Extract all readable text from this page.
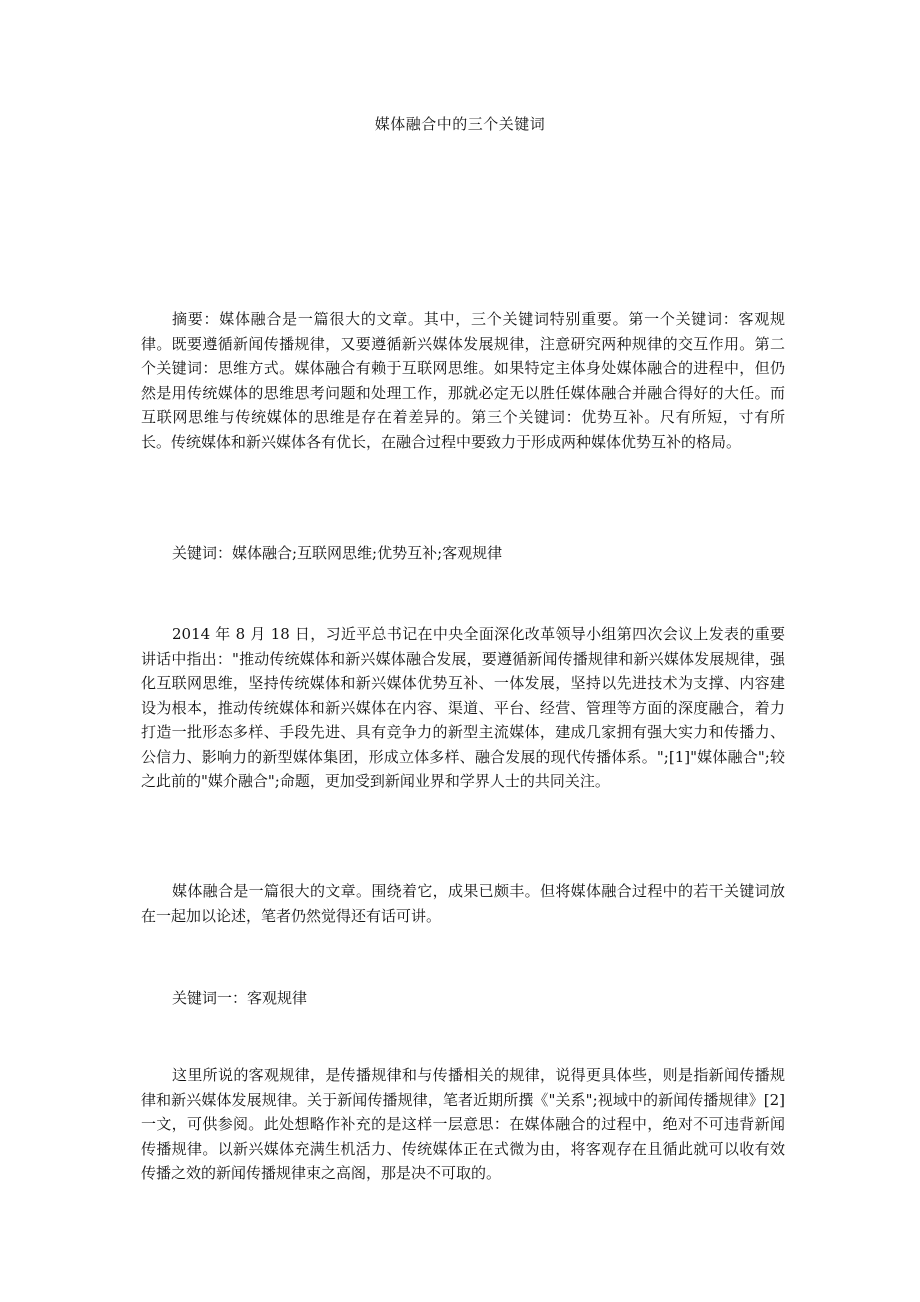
媒体融合中的三个关键词

摘要：媒体融合是一篇很大的文章。其中，三个关键词特别重要。第一个关键词：客观规律。既要遵循新闻传播规律，又要遵循新兴媒体发展规律，注意研究两种规律的交互作用。第二个关键词：思维方式。媒体融合有赖于互联网思维。如果特定主体身处媒体融合的进程中，但仍然是用传统媒体的思维思考问题和处理工作，那就必定无以胜任媒体融合并融合得好的大任。而互联网思维与传统媒体的思维是存在着差异的。第三个关键词：优势互补。尺有所短，寸有所长。传统媒体和新兴媒体各有优长，在融合过程中要致力于形成两种媒体优势互补的格局。

关键词：媒体融合;互联网思维;优势互补;客观规律

2014 年 8 月 18 日，习近平总书记在中央全面深化改革领导小组第四次会议上发表的重要讲话中指出："推动传统媒体和新兴媒体融合发展，要遵循新闻传播规律和新兴媒体发展规律，强化互联网思维，坚持传统媒体和新兴媒体优势互补、一体发展，坚持以先进技术为支撑、内容建设为根本，推动传统媒体和新兴媒体在内容、渠道、平台、经营、管理等方面的深度融合，着力打造一批形态多样、手段先进、具有竞争力的新型主流媒体，建成几家拥有强大实力和传播力、公信力、影响力的新型媒体集团，形成立体多样、融合发展的现代传播体系。";[1]"媒体融合";较之此前的"媒介融合";命题，更加受到新闻业界和学界人士的共同关注。

媒体融合是一篇很大的文章。围绕着它，成果已颇丰。但将媒体融合过程中的若干关键词放在一起加以论述，笔者仍然觉得还有话可讲。

关键词一：客观规律

这里所说的客观规律，是传播规律和与传播相关的规律，说得更具体些，则是指新闻传播规律和新兴媒体发展规律。关于新闻传播规律，笔者近期所撰《"关系";视域中的新闻传播规律》[2]一文，可供参阅。此处想略作补充的是这样一层意思：在媒体融合的过程中，绝对不可违背新闻传播规律。以新兴媒体充满生机活力、传统媒体正在式微为由，将客观存在且循此就可以收有效传播之效的新闻传播规律束之高阁，那是决不可取的。
